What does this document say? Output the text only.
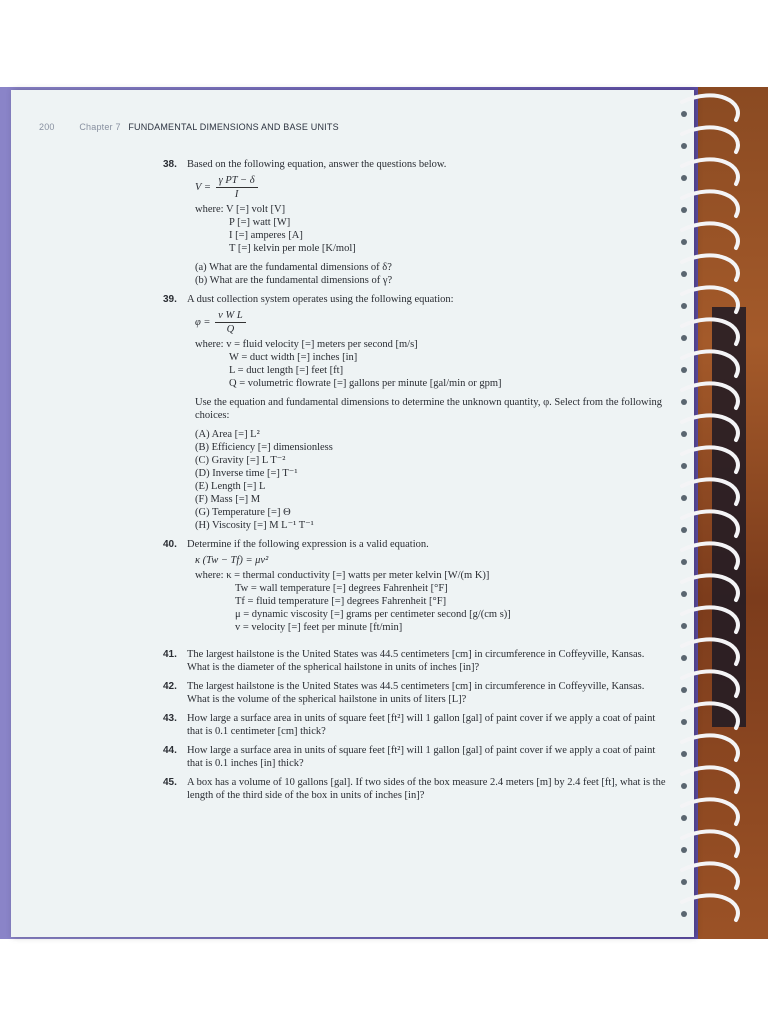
200	Chapter 7 FUNDAMENTAL DIMENSIONS AND BASE UNITS
38. Based on the following equation, answer the questions below.
$V = \frac{\text{γ PT − δ}}{I}$
where: V [=] volt [V]
P [=] watt [W]
I [=] amperes [A]
T [=] kelvin per mole [K/mol]
(a) What are the fundamental dimensions of δ?
(b) What are the fundamental dimensions of γ?
39. A dust collection system operates using the following equation:
$\varphi = \frac{\text{v W L}}{Q}$
where: v = fluid velocity [=] meters per second [m/s]
W = duct width [=] inches [in]
L = duct length [=] feet [ft]
Q = volumetric flowrate [=] gallons per minute [gal/min or gpm]
Use the equation and fundamental dimensions to determine the unknown quantity, φ. Select from the following choices:
(A) Area [=] L²
(B) Efficiency [=] dimensionless
(C) Gravity [=] L T⁻²
(D) Inverse time [=] T⁻¹
(E) Length [=] L
(F) Mass [=] M
(G) Temperature [=] Θ
(H) Viscosity [=] M L⁻¹ T⁻¹
40. Determine if the following expression is a valid equation.
κ (Tw − Tf) = μv²
where: κ = thermal conductivity [=] watts per meter kelvin [W/(m K)]
Tw = wall temperature [=] degrees Fahrenheit [°F]
Tf = fluid temperature [=] degrees Fahrenheit [°F]
μ = dynamic viscosity [=] grams per centimeter second [g/(cm s)]
v = velocity [=] feet per minute [ft/min]
41. The largest hailstone is the United States was 44.5 centimeters [cm] in circumference in Coffeyville, Kansas. What is the diameter of the spherical hailstone in units of inches [in]?
42. The largest hailstone is the United States was 44.5 centimeters [cm] in circumference in Coffeyville, Kansas. What is the volume of the spherical hailstone in units of liters [L]?
43. How large a surface area in units of square feet [ft²] will 1 gallon [gal] of paint cover if we apply a coat of paint that is 0.1 centimeter [cm] thick?
44. How large a surface area in units of square feet [ft²] will 1 gallon [gal] of paint cover if we apply a coat of paint that is 0.1 inches [in] thick?
45. A box has a volume of 10 gallons [gal]. If two sides of the box measure 2.4 meters [m] by 2.4 feet [ft], what is the length of the third side of the box in units of inches [in]?
